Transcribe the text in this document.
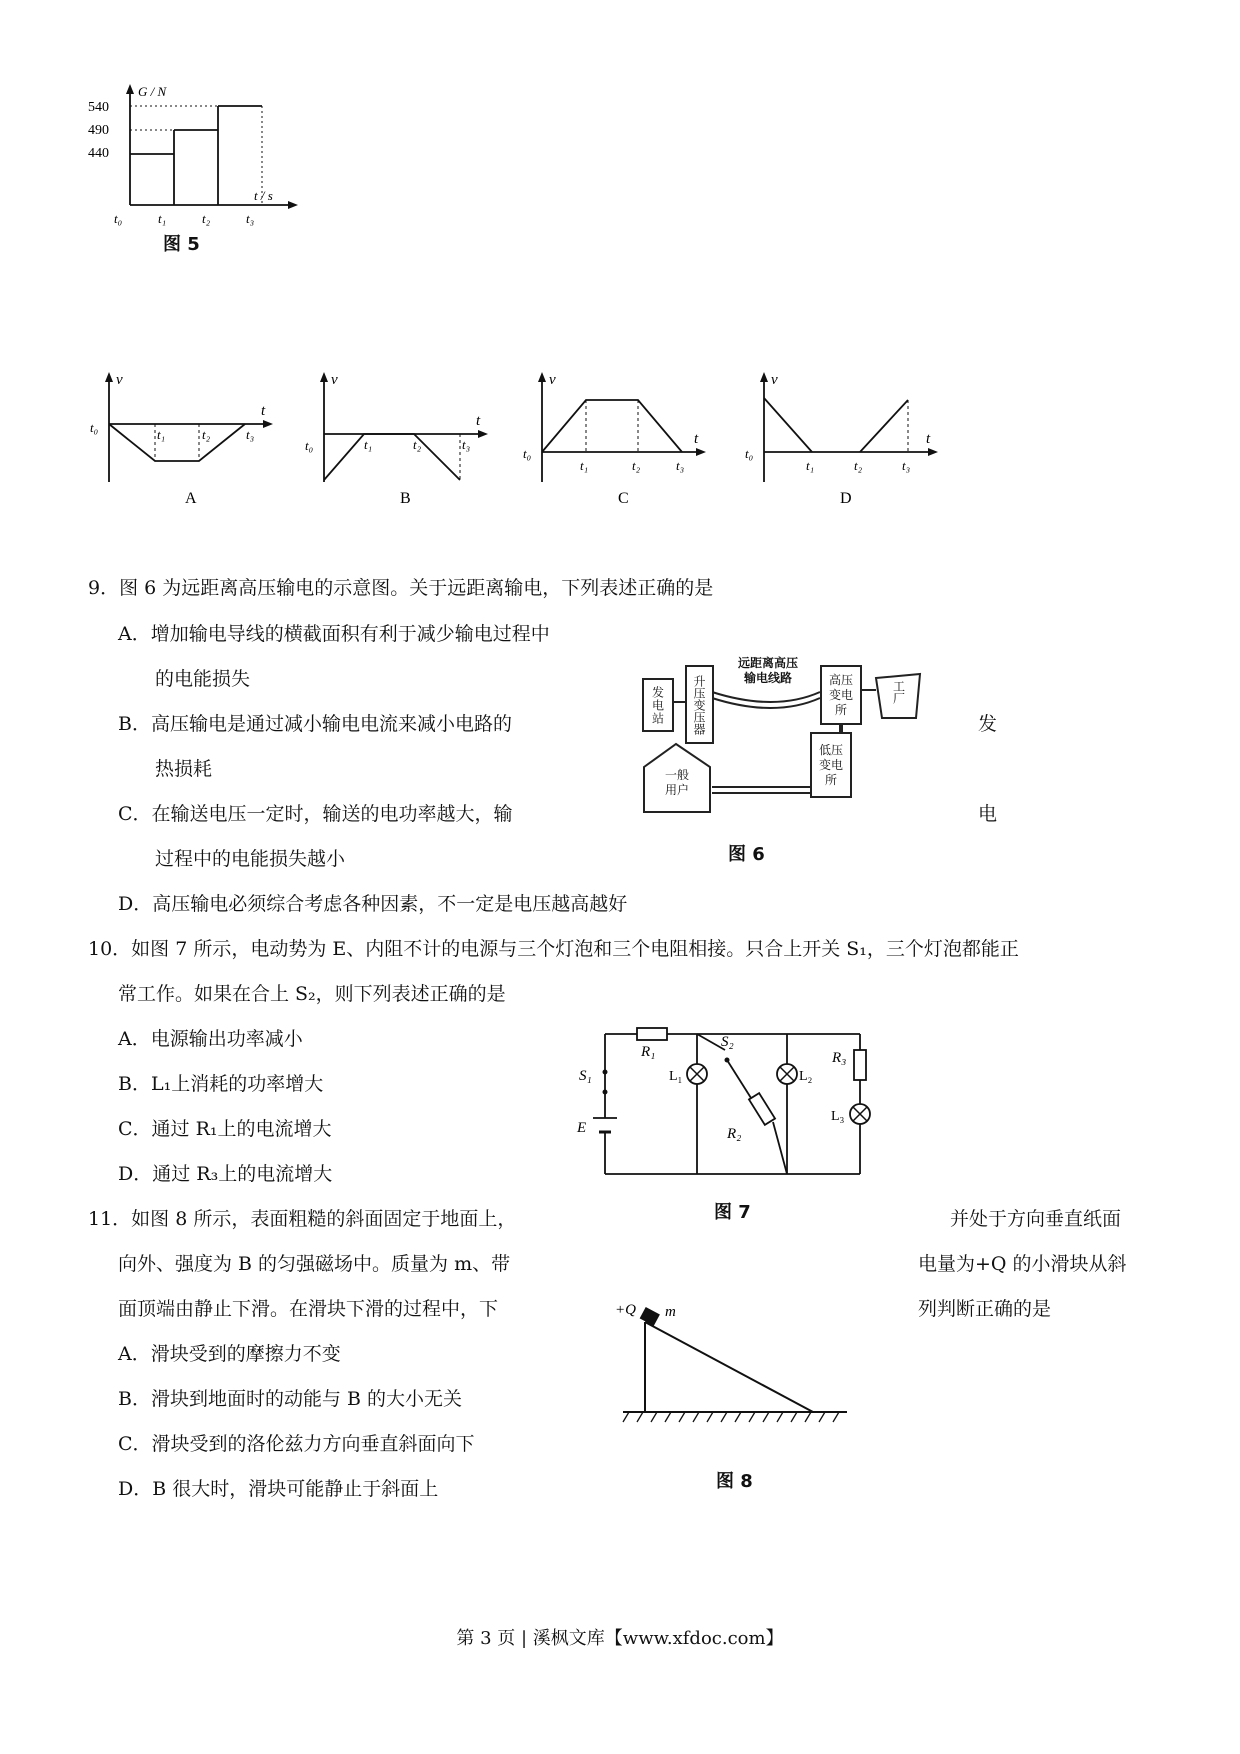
G / N
t / s
540
490
440
t₀	t₁	t₂	t₃
图 5
v
t
t₀	t₁	t₂	t₃
A
v
t
t₀	t₁	t₂	t₃
B
v
t
t₀
t₁	t₂	t₃
C
v
t
t₀
t₁	t₂	t₃
D
9．图 6 为远距离高压输电的示意图。关于远距离输电，下列表述正确的是
A．增加输电导线的横截面积有利于减少输电过程中
的电能损失
B．高压输电是通过减小输电电流来减小电路的	发
热损耗
C．在输送电压一定时，输送的电功率越大，输	电
过程中的电能损失越小
D．高压输电必须综合考虑各种因素，不一定是电压越高越好
发电站 升压变压器
远距离高压
输电线路	高压变电所
工厂
低压变电所
一般用户
图 6
10．如图 7 所示，电动势为 E、内阻不计的电源与三个灯泡和三个电阻相接。只合上开关 S₁，三个灯泡都能正
常工作。如果在合上 S₂，则下列表述正确的是
A．电源输出功率减小
B．L₁上消耗的功率增大
C．通过 R₁上的电流增大
D．通过 R₃上的电流增大
R₁
S₁
E
L₁
S₂
R₂
L₂
R₃
L₃
图 7
11．如图 8 所示，表面粗糙的斜面固定于地面上，	并处于方向垂直纸面
向外、强度为 B 的匀强磁场中。质量为 m、带	电量为+Q 的小滑块从斜
面顶端由静止下滑。在滑块下滑的过程中，下	列判断正确的是
A．滑块受到的摩擦力不变
B．滑块到地面时的动能与 B 的大小无关
C．滑块受到的洛伦兹力方向垂直斜面向下
D．B 很大时，滑块可能静止于斜面上
+Q m
图 8
第 3 页 | 溪枫文库【www.xfdoc.com】
